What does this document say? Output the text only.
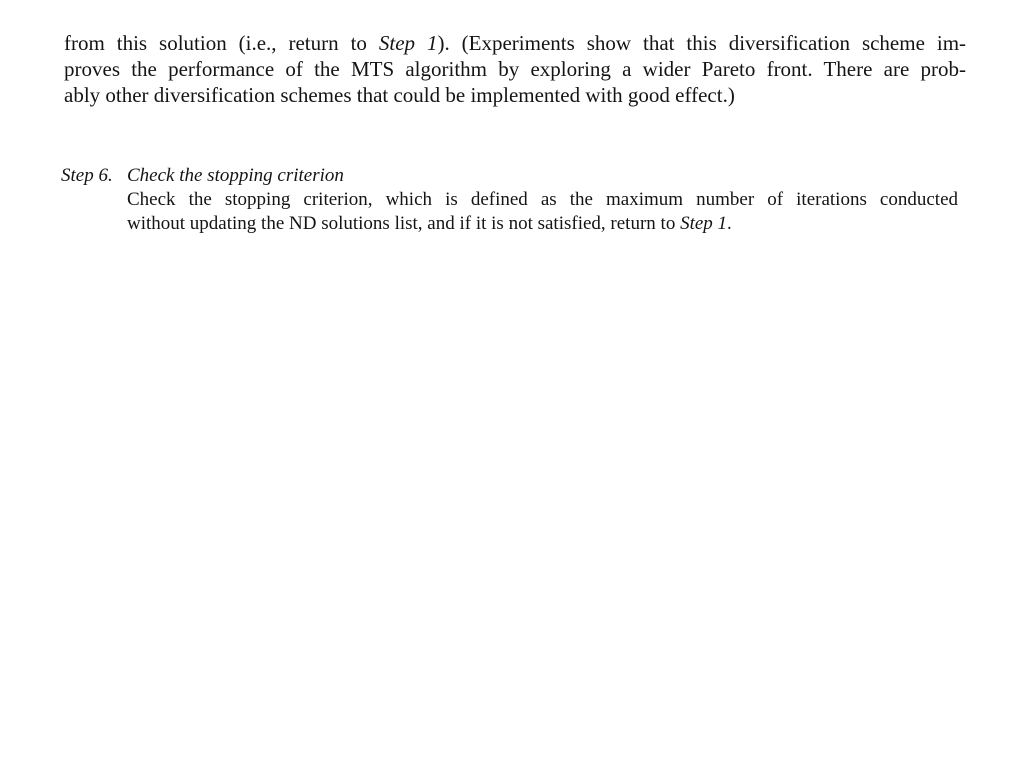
from this solution (i.e., return to Step 1). (Experiments show that this diversification scheme im-
proves the performance of the MTS algorithm by exploring a wider Pareto front. There are prob-
ably other diversification schemes that could be implemented with good effect.)
Step 6. Check the stopping criterion
Check the stopping criterion, which is defined as the maximum number of iterations conducted
without updating the ND solutions list, and if it is not satisfied, return to Step 1.
